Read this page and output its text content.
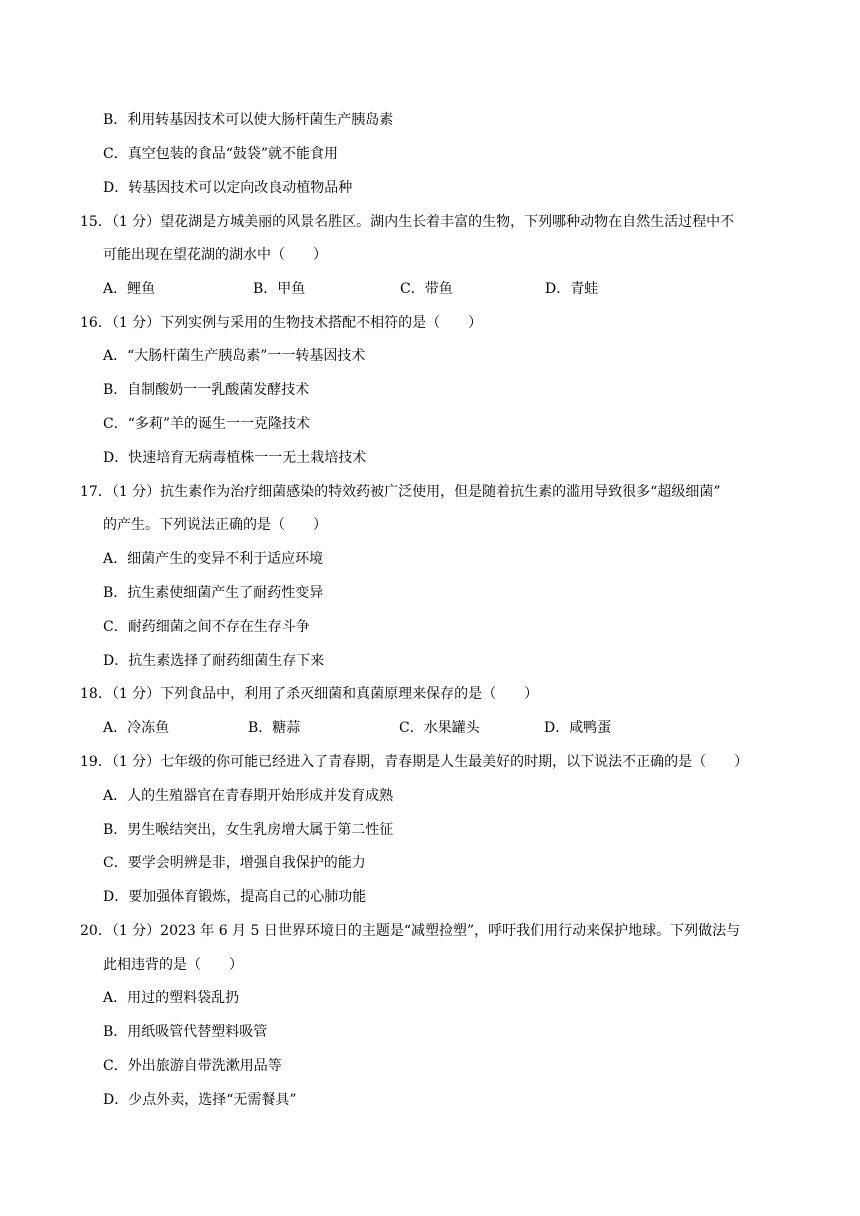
B．利用转基因技术可以使大肠杆菌生产胰岛素
C．真空包装的食品“鼓袋”就不能食用
D．转基因技术可以定向改良动植物品种
15．（1 分）望花湖是方城美丽的风景名胜区。湖内生长着丰富的生物，下列哪种动物在自然生活过程中不
可能出现在望花湖的湖水中（　　）
A．鲤鱼	B．甲鱼	C．带鱼	D．青蛙
16．（1 分）下列实例与采用的生物技术搭配不相符的是（　　）
A．“大肠杆菌生产胰岛素”一一转基因技术
B．自制酸奶一一乳酸菌发酵技术
C．“多莉”羊的诞生一一克隆技术
D．快速培育无病毒植株一一无土栽培技术
17．（1 分）抗生素作为治疗细菌感染的特效药被广泛使用，但是随着抗生素的滥用导致很多“超级细菌”
的产生。下列说法正确的是（　　）
A．细菌产生的变异不利于适应环境
B．抗生素使细菌产生了耐药性变异
C．耐药细菌之间不存在生存斗争
D．抗生素选择了耐药细菌生存下来
18．（1 分）下列食品中，利用了杀灭细菌和真菌原理来保存的是（　　）
A．冷冻鱼	B．糖蒜	C．水果罐头	D．咸鸭蛋
19．（1 分）七年级的你可能已经进入了青春期，青春期是人生最美好的时期，以下说法不正确的是（　　）
A．人的生殖器官在青春期开始形成并发育成熟
B．男生喉结突出，女生乳房增大属于第二性征
C．要学会明辨是非，增强自我保护的能力
D．要加强体育锻炼，提高自己的心肺功能
20．（1 分）2023 年 6 月 5 日世界环境日的主题是“减塑捡塑”，呼吁我们用行动来保护地球。下列做法与
此相违背的是（　　）
A．用过的塑料袋乱扔
B．用纸吸管代替塑料吸管
C．外出旅游自带洗漱用品等
D．少点外卖，选择“无需餐具”
